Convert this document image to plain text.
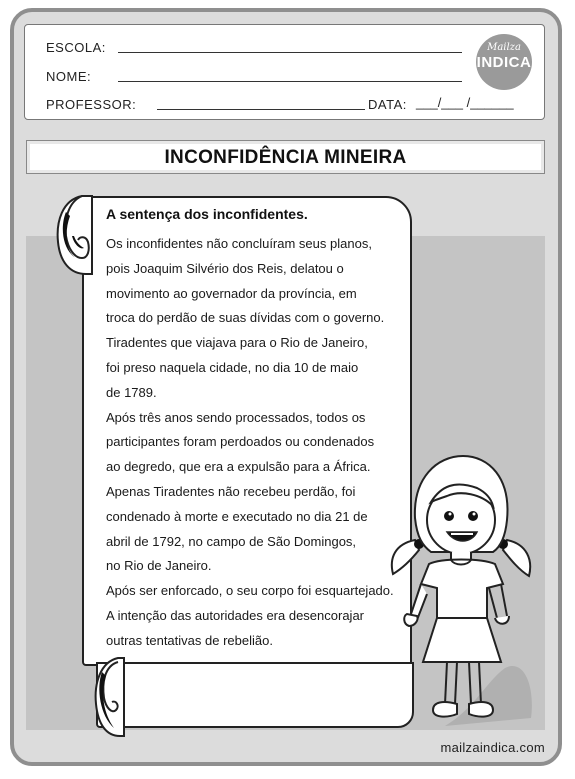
ESCOLA:
NOME:
PROFESSOR:	DATA: ___/___ /______
Mailza
INDICA
INCONFIDÊNCIA MINEIRA
A sentença dos inconfidentes.
Os inconfidentes não concluíram seus planos,
pois Joaquim Silvério dos Reis, delatou o
movimento ao governador da província, em
troca do perdão de suas dívidas com o governo.
Tiradentes que viajava para o Rio de Janeiro,
foi preso naquela cidade, no dia 10 de maio
de 1789.
Após três anos sendo processados, todos os
participantes foram perdoados ou condenados
ao degredo, que era a expulsão para a África.
Apenas Tiradentes não recebeu perdão, foi
condenado à morte e executado no dia 21 de
abril de 1792, no campo de São Domingos,
no Rio de Janeiro.
Após ser enforcado, o seu corpo foi esquartejado.
A intenção das autoridades era desencorajar
outras tentativas de rebelião.
mailzaindica.com
